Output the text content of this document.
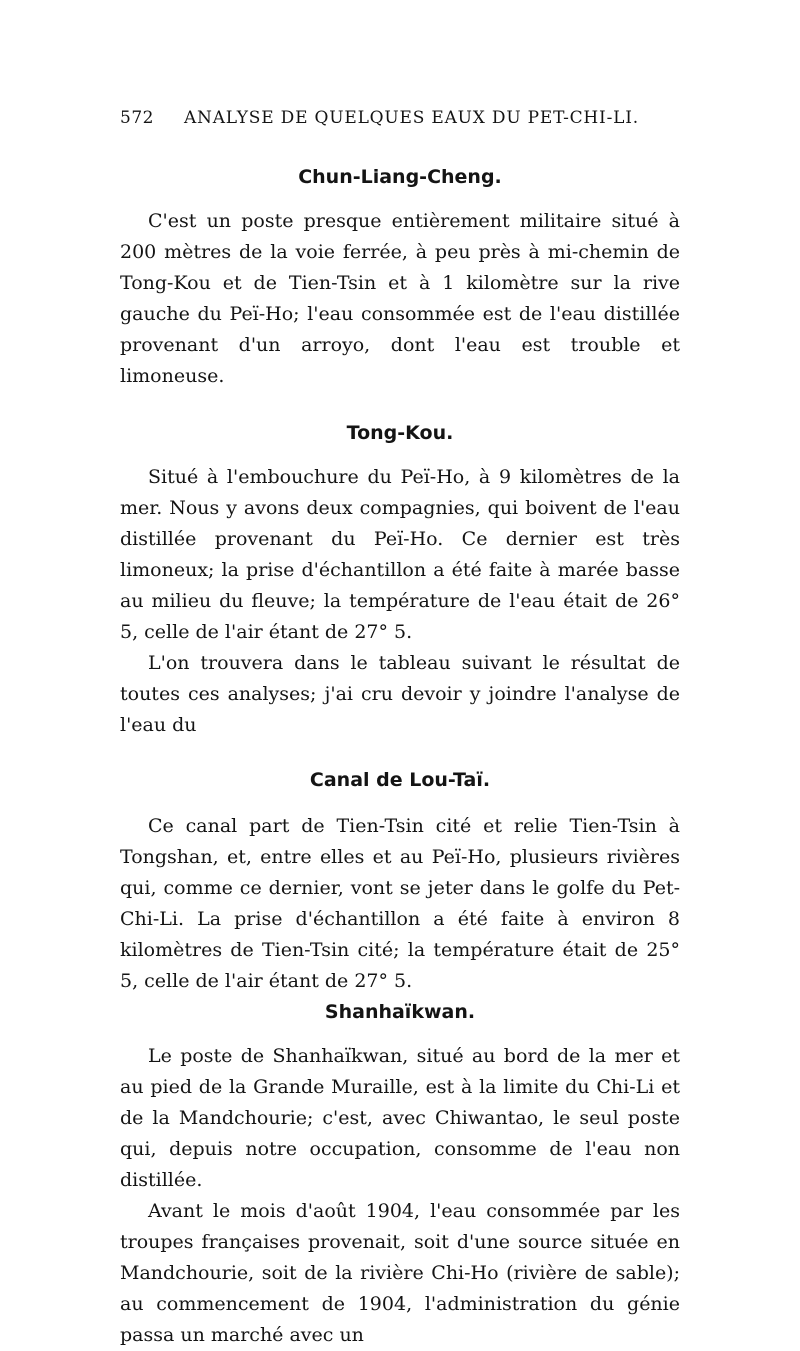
572 ANALYSE DE QUELQUES EAUX DU PET-CHI-LI.
Chun-Liang-Cheng.

C'est un poste presque entièrement militaire situé à 200 mètres de la voie ferrée, à peu près à mi-chemin de Tong-Kou et de Tien-Tsin et à 1 kilomètre sur la rive gauche du Peï-Ho; l'eau consommée est de l'eau distillée provenant d'un arroyo, dont l'eau est trouble et limoneuse.

Tong-Kou.

Situé à l'embouchure du Peï-Ho, à 9 kilomètres de la mer. Nous y avons deux compagnies, qui boivent de l'eau distillée provenant du Peï-Ho. Ce dernier est très limoneux; la prise d'échantillon a été faite à marée basse au milieu du fleuve; la température de l'eau était de 26° 5, celle de l'air étant de 27° 5.

L'on trouvera dans le tableau suivant le résultat de toutes ces analyses; j'ai cru devoir y joindre l'analyse de l'eau du

Canal de Lou-Taï.

Ce canal part de Tien-Tsin cité et relie Tien-Tsin à Tongshan, et, entre elles et au Peï-Ho, plusieurs rivières qui, comme ce dernier, vont se jeter dans le golfe du Pet-Chi-Li. La prise d'échantillon a été faite à environ 8 kilomètres de Tien-Tsin cité; la température était de 25° 5, celle de l'air étant de 27° 5.

Shanhaïkwan.

Le poste de Shanhaïkwan, situé au bord de la mer et au pied de la Grande Muraille, est à la limite du Chi-Li et de la Mandchourie; c'est, avec Chiwantao, le seul poste qui, depuis notre occupation, consomme de l'eau non distillée.

Avant le mois d'août 1904, l'eau consommée par les troupes françaises provenait, soit d'une source située en Mandchourie, soit de la rivière Chi-Ho (rivière de sable); au commencement de 1904, l'administration du génie passa un marché avec un
